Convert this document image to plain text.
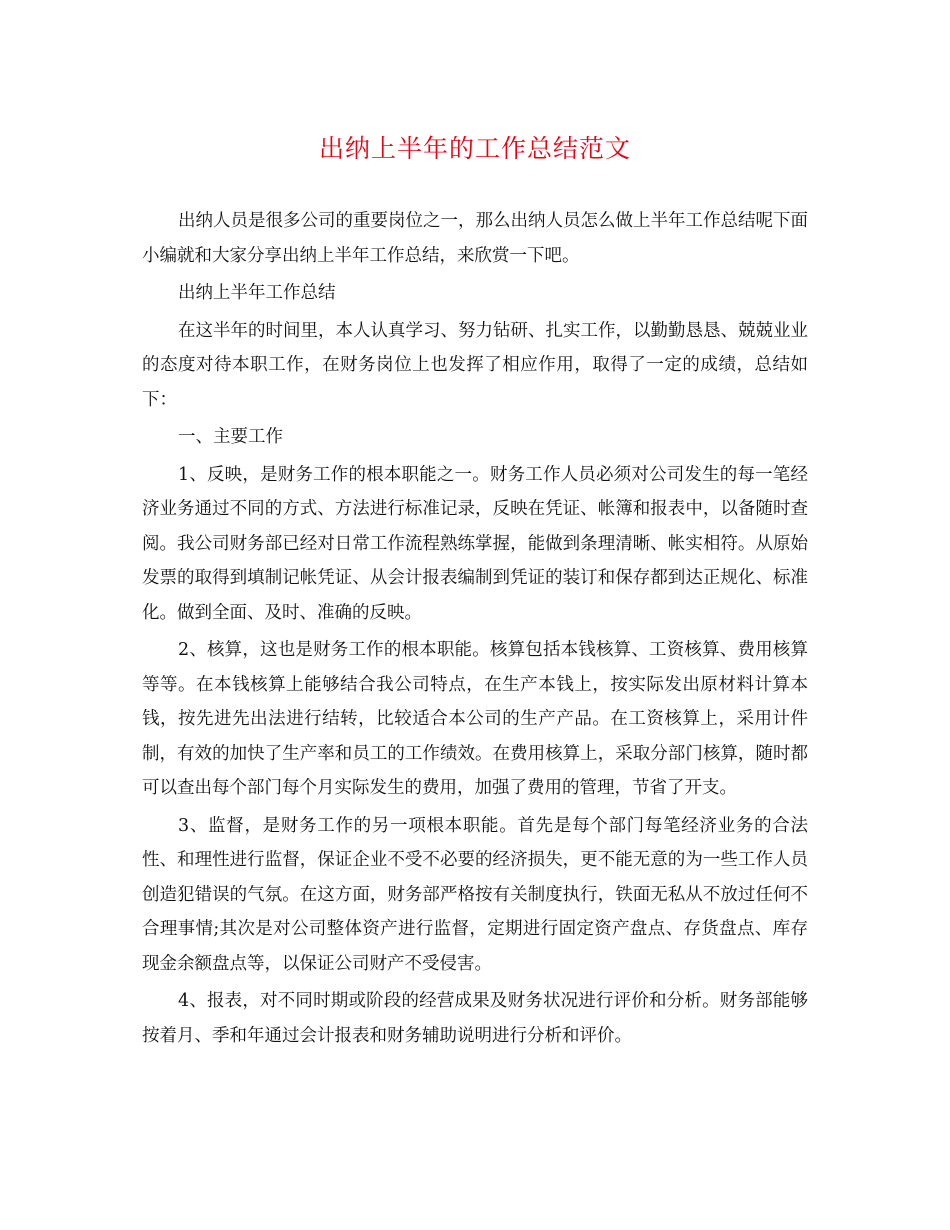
出纳上半年的工作总结范文

出纳人员是很多公司的重要岗位之一，那么出纳人员怎么做上半年工作总结呢下面小编就和大家分享出纳上半年工作总结，来欣赏一下吧。

出纳上半年工作总结

在这半年的时间里，本人认真学习、努力钻研、扎实工作，以勤勤恳恳、兢兢业业的态度对待本职工作，在财务岗位上也发挥了相应作用，取得了一定的成绩，总结如下：

一、主要工作

1、反映，是财务工作的根本职能之一。财务工作人员必须对公司发生的每一笔经济业务通过不同的方式、方法进行标准记录，反映在凭证、帐簿和报表中，以备随时查阅。我公司财务部已经对日常工作流程熟练掌握，能做到条理清晰、帐实相符。从原始发票的取得到填制记帐凭证、从会计报表编制到凭证的装订和保存都到达正规化、标准化。做到全面、及时、准确的反映。

2、核算，这也是财务工作的根本职能。核算包括本钱核算、工资核算、费用核算等等。在本钱核算上能够结合我公司特点，在生产本钱上，按实际发出原材料计算本钱，按先进先出法进行结转，比较适合本公司的生产产品。在工资核算上，采用计件制，有效的加快了生产率和员工的工作绩效。在费用核算上，采取分部门核算，随时都可以查出每个部门每个月实际发生的费用，加强了费用的管理，节省了开支。

3、监督，是财务工作的另一项根本职能。首先是每个部门每笔经济业务的合法性、和理性进行监督，保证企业不受不必要的经济损失，更不能无意的为一些工作人员创造犯错误的气氛。在这方面，财务部严格按有关制度执行，铁面无私从不放过任何不合理事情;其次是对公司整体资产进行监督，定期进行固定资产盘点、存货盘点、库存现金余额盘点等，以保证公司财产不受侵害。

4、报表，对不同时期或阶段的经营成果及财务状况进行评价和分析。财务部能够按着月、季和年通过会计报表和财务辅助说明进行分析和评价。
